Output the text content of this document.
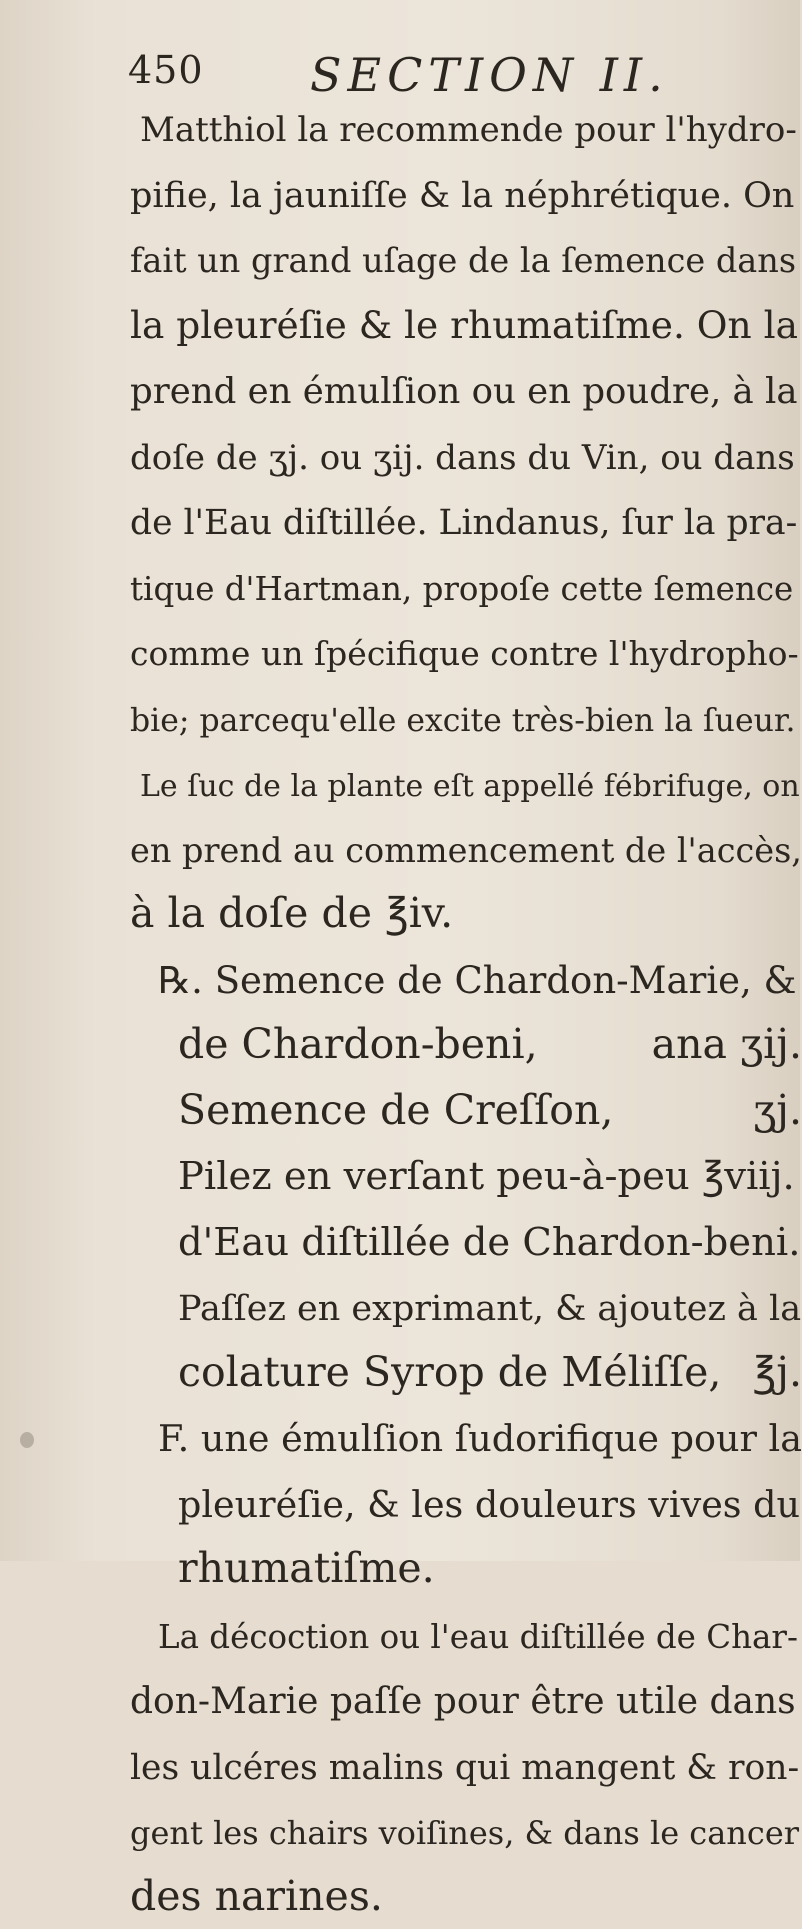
450 SECTION II.
Matthiol la recommende pour l'hydro-
pifie, la jauniſſe & la néphrétique. On
fait un grand uſage de la ſemence dans
la pleuréſie & le rhumatiſme. On la
prend en émulſion ou en poudre, à la
doſe de ʒj. ou ʒij. dans du Vin, ou dans
de l'Eau diſtillée. Lindanus, ſur la pra-
tique d'Hartman, propoſe cette ſemence
comme un ſpécifique contre l'hydropho-
bie; parcequ'elle excite très-bien la ſueur.
Le ſuc de la plante eſt appellé fébrifuge, on
en prend au commencement de l'accès,
à la doſe de ℥iv.
℞. Semence de Chardon-Marie, &
de Chardon-beni,	ana ʒij.
Semence de Creſſon,	ʒj.
Pilez en verſant peu-à-peu ℥viij.
d'Eau diſtillée de Chardon-beni.
Paſſez en exprimant, & ajoutez à la
colature Syrop de Méliſſe, ℥j.
F. une émulſion ſudorifique pour la
pleuréſie, & les douleurs vives du
rhumatiſme.
La décoction ou l'eau diſtillée de Char-
don-Marie paſſe pour être utile dans
les ulcéres malins qui mangent & ron-
gent les chairs voiſines, & dans le cancer
des narines.
